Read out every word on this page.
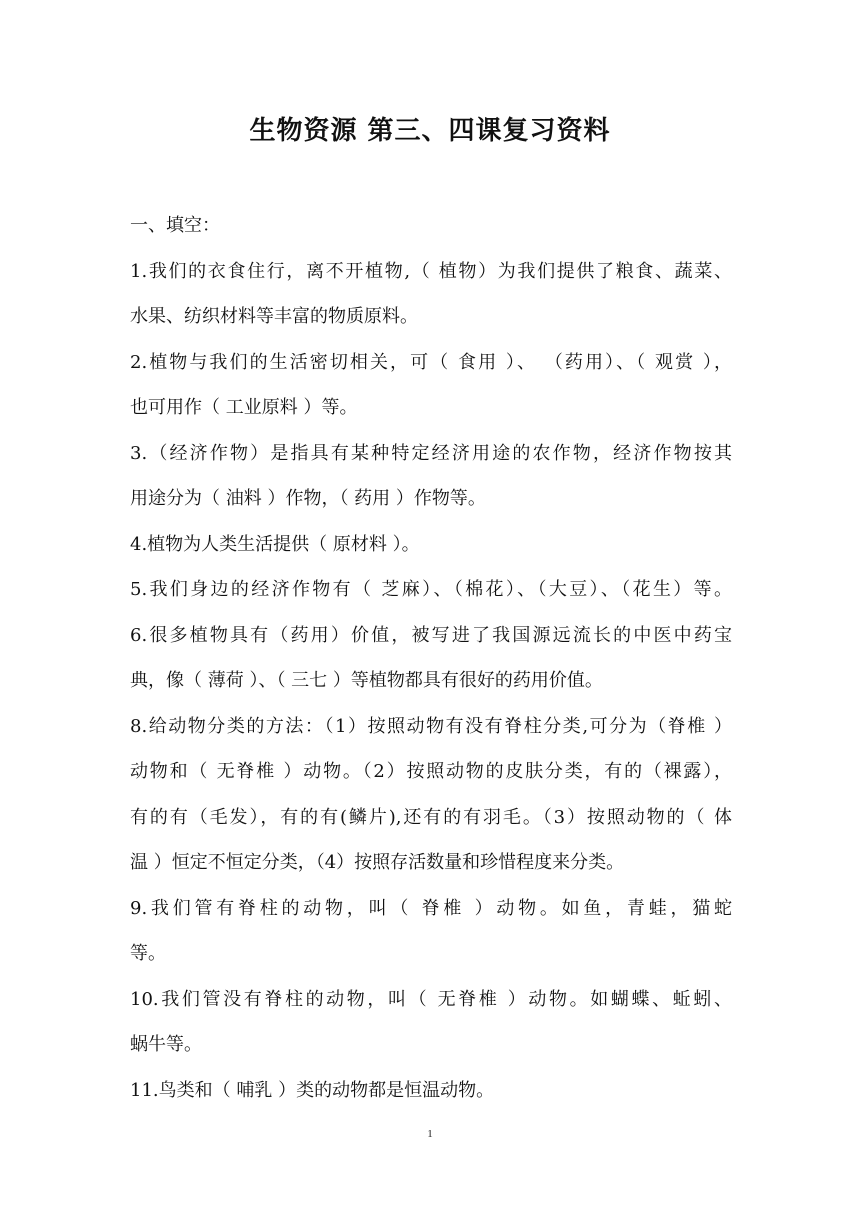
生物资源 第三、四课复习资料
一、填空：
1.我们的衣食住行，离不开植物,（ 植物）为我们提供了粮食、蔬菜、
水果、纺织材料等丰富的物质原料。
2.植物与我们的生活密切相关，可（ 食用 ）、 （药用）、（ 观赏 ），
也可用作（ 工业原料 ）等。
3.（经济作物）是指具有某种特定经济用途的农作物，经济作物按其
用途分为（ 油料 ）作物，（ 药用 ）作物等。
4.植物为人类生活提供（ 原材料 ）。
5.我们身边的经济作物有（ 芝麻）、（棉花）、（大豆）、（花生）等。
6.很多植物具有（药用）价值，被写进了我国源远流长的中医中药宝
典，像（ 薄荷 ）、（ 三七 ）等植物都具有很好的药用价值。
8.给动物分类的方法：（1）按照动物有没有脊柱分类,可分为（脊椎 ）
动物和（ 无脊椎 ）动物。（2）按照动物的皮肤分类，有的（裸露），
有的有（毛发），有的有(鳞片),还有的有羽毛。（3）按照动物的（ 体
温 ）恒定不恒定分类，（4）按照存活数量和珍惜程度来分类。
9.我们管有脊柱的动物，叫（ 脊椎 ）动物。如鱼，青蛙，猫蛇
等。
10.我们管没有脊柱的动物，叫（ 无脊椎 ）动物。如蝴蝶、蚯蚓、
蜗牛等。
11.鸟类和（ 哺乳 ）类的动物都是恒温动物。
1
